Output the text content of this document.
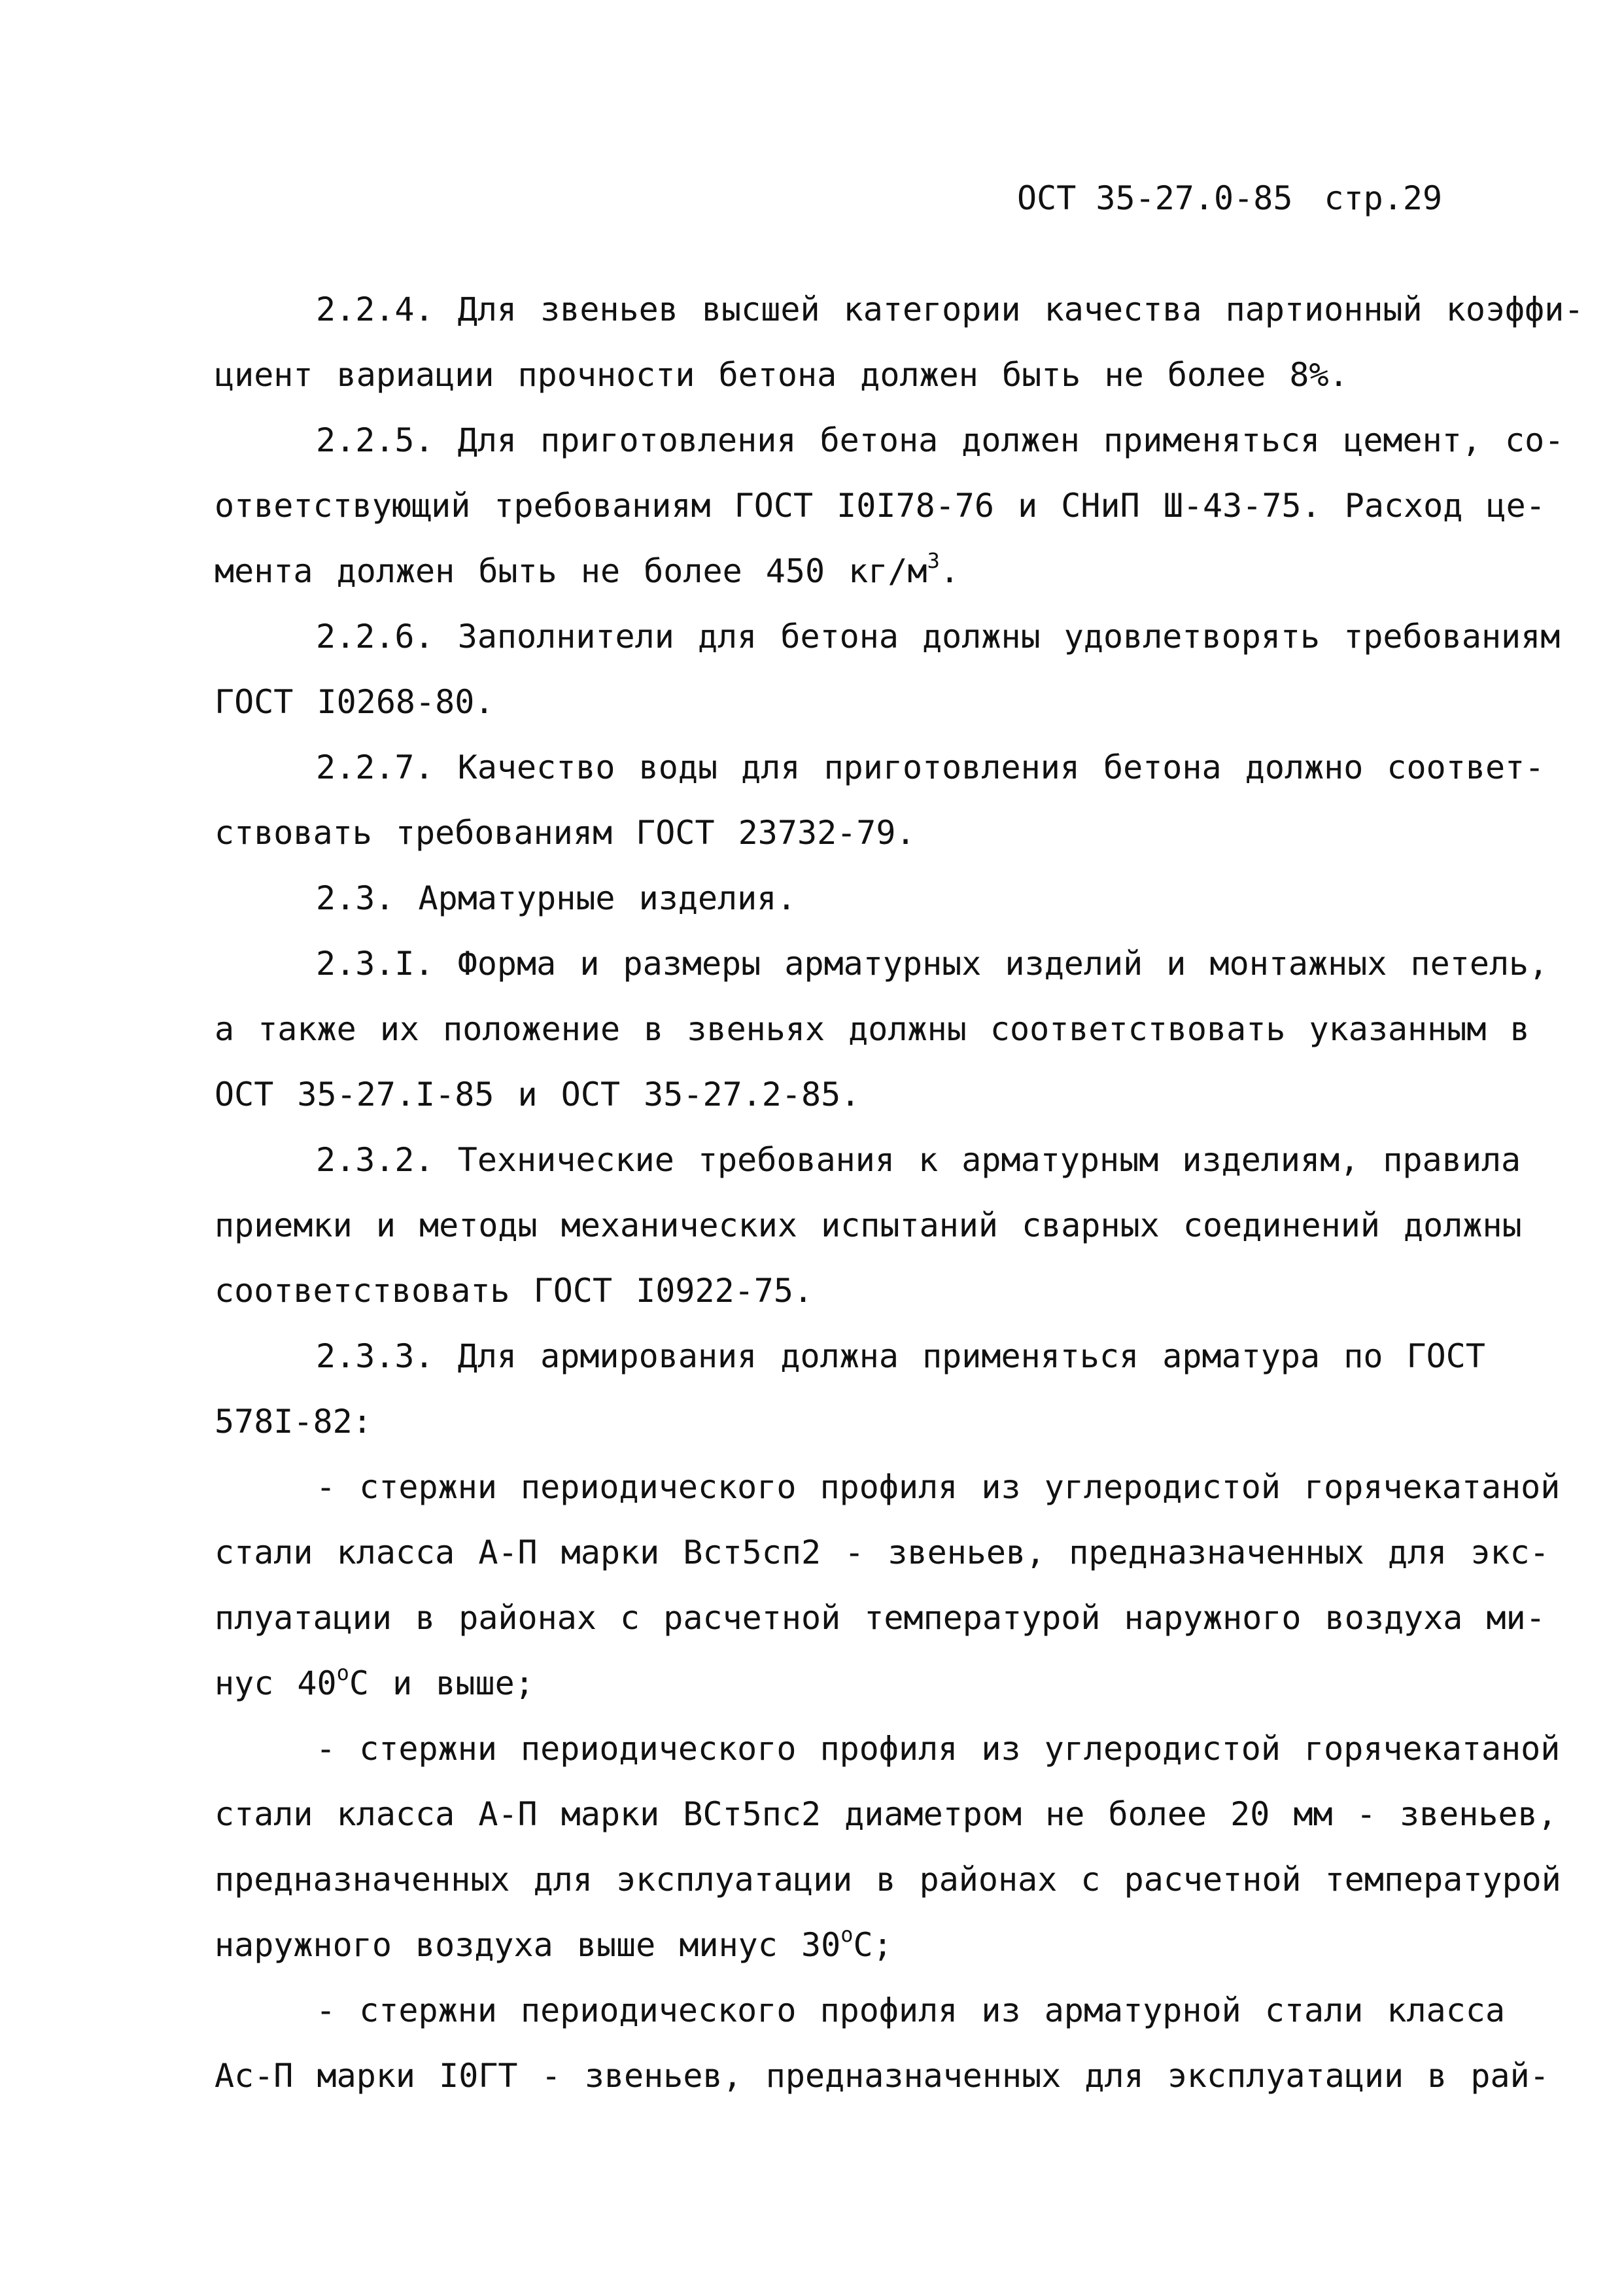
ОСТ 35-27.0-85 стр.29
2.2.4. Для звеньев высшей категории качества партионный коэффи-
циент вариации прочности бетона должен быть не более 8%.
2.2.5. Для приготовления бетона должен применяться цемент, со-
ответствующий требованиям ГОСТ I0I78-76 и СНиП Ш-43-75. Расход це-
мента должен быть не более 450 $кг/м^3$.
2.2.6. Заполнители для бетона должны удовлетворять требованиям
ГОСТ I0268-80.
2.2.7. Качество воды для приготовления бетона должно соответ-
ствовать требованиям ГОСТ 23732-79.
2.3. Арматурные изделия.
2.3.I. Форма и размеры арматурных изделий и монтажных петель,
а также их положение в звеньях должны соответствовать указанным в
ОСТ 35-27.I-85 и ОСТ 35-27.2-85.
2.3.2. Технические требования к арматурным изделиям, правила
приемки и методы механических испытаний сварных соединений должны
соответствовать ГОСТ I0922-75.
2.3.3. Для армирования должна применяться арматура по ГОСТ
578I-82:
- стержни периодического профиля из углеродистой горячекатаной
стали класса А-П марки Вст5сп2 - звеньев, предназначенных для экс-
плуатации в районах с расчетной температурой наружного воздуха ми-
нус $40^оС$ и выше;
- стержни периодического профиля из углеродистой горячекатаной
стали класса А-П марки ВСт5пс2 диаметром не более 20 мм - звеньев,
предназначенных для эксплуатации в районах с расчетной температурой
наружного воздуха выше минус $30^оС$;
- стержни периодического профиля из арматурной стали класса
Ас-П марки I0ГТ - звеньев, предназначенных для эксплуатации в рай-
